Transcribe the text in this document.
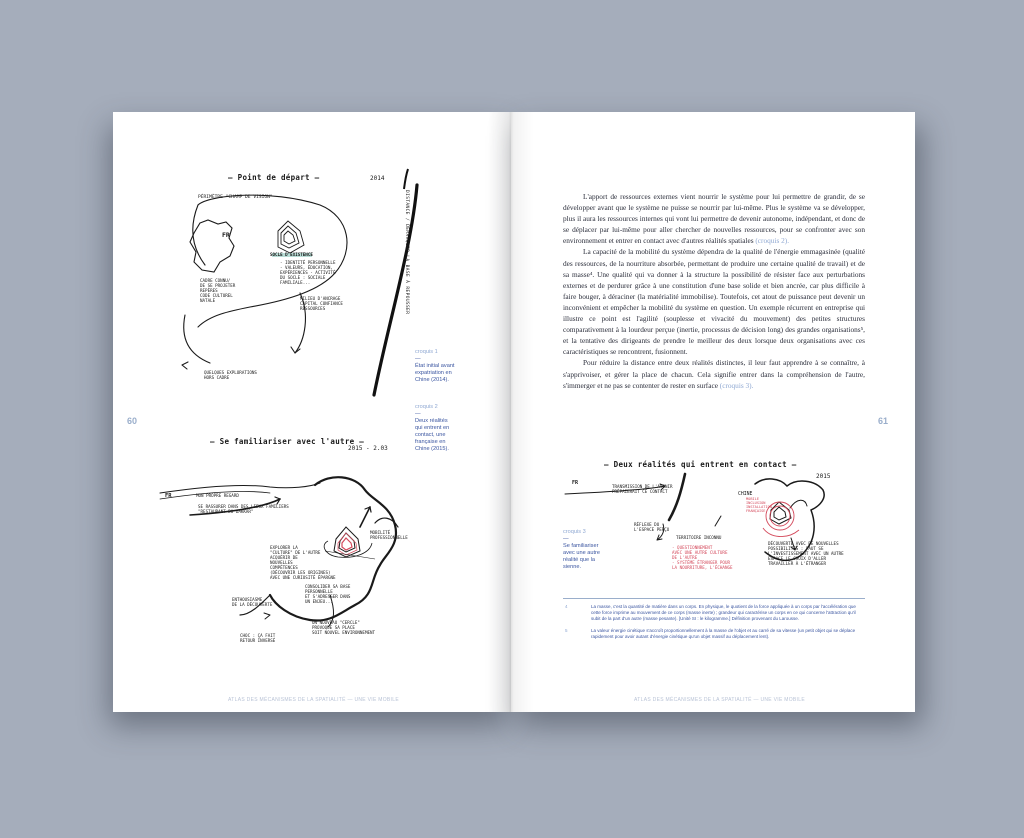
60	61
ATLAS DES MÉCANISMES DE LA SPATIALITÉ — UNE VIE MOBILE	ATLAS DES MÉCANISMES DE LA SPATIALITÉ — UNE VIE MOBILE
— Point de départ —	2014
PÉRIMÈTRE "CHAMP DE VISION"
FR
SOCLE D'EXISTENCE
- IDENTITÉ PERSONNELLE
- VALEURS, ÉDUCATION,
EXPÉRIENCES - ACTIVITÉ
DU SOCLE : SOCIALE
FAMILIALE...
CADRE CONNU/
DE SE PROJETER
REPÈRES
CODE CULTUREL
NATALE	MILIEU D'ANCRAGE
CAPITAL CONFIANCE
RESSOURCES
QUELQUES EXPLORATIONS
HORS CADRE
DISTANCE / DÉMARQUER LA BASE À REPOUSSER
— Se familiariser avec l'autre —
2015 - 2.03
FR	MON PROPRE REGARD
SE RASSURER DANS DES LIEUX FAMILIERS
"RESTAURANT DU DAKKAR"
MOBILITÉ
PROFESSIONNELLE
EXPLORER LA
"CULTURE" DE L'AUTRE
ACQUÉRIR DE
NOUVELLES
COMPÉTENCES
(DÉCOUVRIR LES ORIGINES)
AVEC UNE CURIOSITÉ ÉPARGNE
CONSOLIDER SA BASE
PERSONNELLE
ET S'ADRESSER DANS
UN ENJEU...
ENTHOUSIASME
DE LA DÉCOUVERTE
ON NOUVEAU "CERCLE"
PROVOQUE SA PLACE
SOIT NOUVEL ENVIRONNEMENT
CHOC : ÇA FAIT
RETOUR INVERSÉ
croquis 1
—
État initial avant expatriation en Chine (2014).
croquis 2
—
Deux réalités qui entrent en contact, une française en Chine (2015).

L'apport de ressources externes vient nourrir le système pour lui permettre de grandir, de se développer avant que le système ne puisse se nourrir par lui-même. Plus le système va se développer, plus il aura les ressources internes qui vont lui permettre de devenir autonome, indépendant, et donc de se déplacer par lui-même pour aller chercher de nouvelles ressources, pour se confronter avec son environnement et entrer en contact avec d'autres réalités spatiales (croquis 2).

La capacité de la mobilité du système dépendra de la qualité de l'énergie emmagasinée (qualité des ressources, de la nourriture absorbée, permettant de produire une certaine qualité de travail) et de sa masse⁴. Une qualité qui va donner à la structure la possibilité de résister face aux perturbations externes et de perdurer grâce à une constitution d'une base solide et bien ancrée, car plus difficile à faire bouger, à déraciner (la matérialité immobilise). Toutefois, cet atout de puissance peut devenir un inconvénient et empêcher la mobilité du système en question. Un exemple récurrent en entreprise qui illustre ce point est l'agilité (souplesse et vivacité du mouvement) des petites structures comparativement à la lourdeur perçue (inertie, processus de décision long) des grandes organisations⁵, et la tentative des dirigeants de prendre le meilleur des deux lorsque deux organisations avec ces caractéristiques se rencontrent, fusionnent.

Pour réduire la distance entre deux réalités distinctes, il leur faut apprendre à se connaître, à s'apprivoiser, et gérer la place de chacun. Cela signifie entrer dans la compréhension de l'autre, s'immerger et ne pas se contenter de rester en surface (croquis 3).

— Deux réalités qui entrent en contact —
2015
FR
TRANSMISSION DE L'AVENIR
PRÉPAIERAIT CE CONTACT
CHINE
MOBILE
INCLUSION
INSTALLATION
FRANÇAISE
RÉFLEXE DU
L'ESPACE PERÇU
TERRITOIRE INCONNU
- QUESTIONNEMENT
AVEC UNE AUTRE CULTURE
DE L'AUTRE
- SYSTÈME ÉTRANGER POUR
LA NOURRITURE, L'ÉCHANGE
DÉCOUVERTE AVEC DE NOUVELLES
POSSIBILITÉS : FAUT SE
L'INVESTISSEMENT AVEC UN AUTRE
ESPACE LE CHOIX D'ALLER
TRAVAILLER À L'ÉTRANGER
croquis 3
—
Se familiariser avec une autre réalité que la sienne.
4	La masse, c'est la quantité de matière dans un corps. En physique, le quotient de la force appliquée à un corps par l'accélération que cette force imprime au mouvement de ce corps (masse inerte) ; grandeur qui caractérise un corps en ce qui concerne l'attraction qu'il subit de la part d'un autre (masse pesante). [Unité SI : le kilogramme.] Définition provenant du Larousse.
5	La valeur énergie cinétique s'accroît proportionnellement à la masse de l'objet et au carré de sa vitesse (un petit objet qui se déplace rapidement pour avoir autant d'énergie cinétique qu'un objet massif au déplacement lent).
